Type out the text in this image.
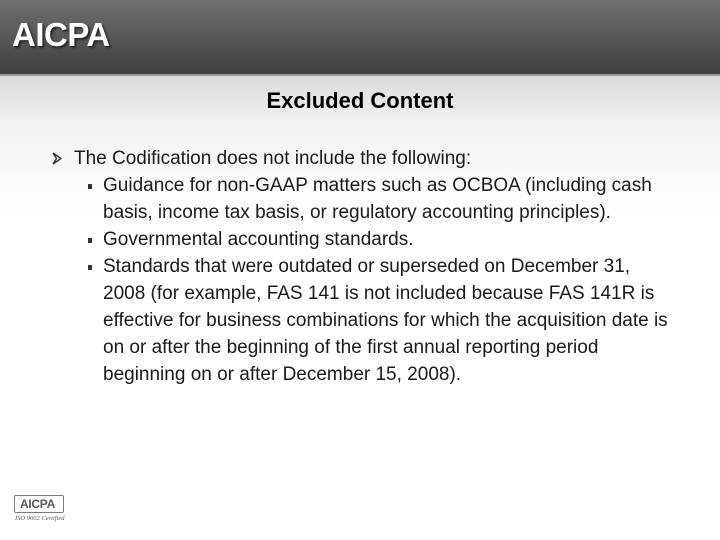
AICPA
Excluded Content
The Codification does not include the following:
Guidance for non-GAAP matters such as OCBOA (including cash basis, income tax basis, or regulatory accounting principles).
Governmental accounting standards.
Standards that were outdated or superseded on December 31, 2008 (for example, FAS 141 is not included because FAS 141R is effective for business combinations for which the acquisition date is on or after the beginning of the first annual reporting period beginning on or after December 15, 2008).
AICPA
ISO 9002 Certified
